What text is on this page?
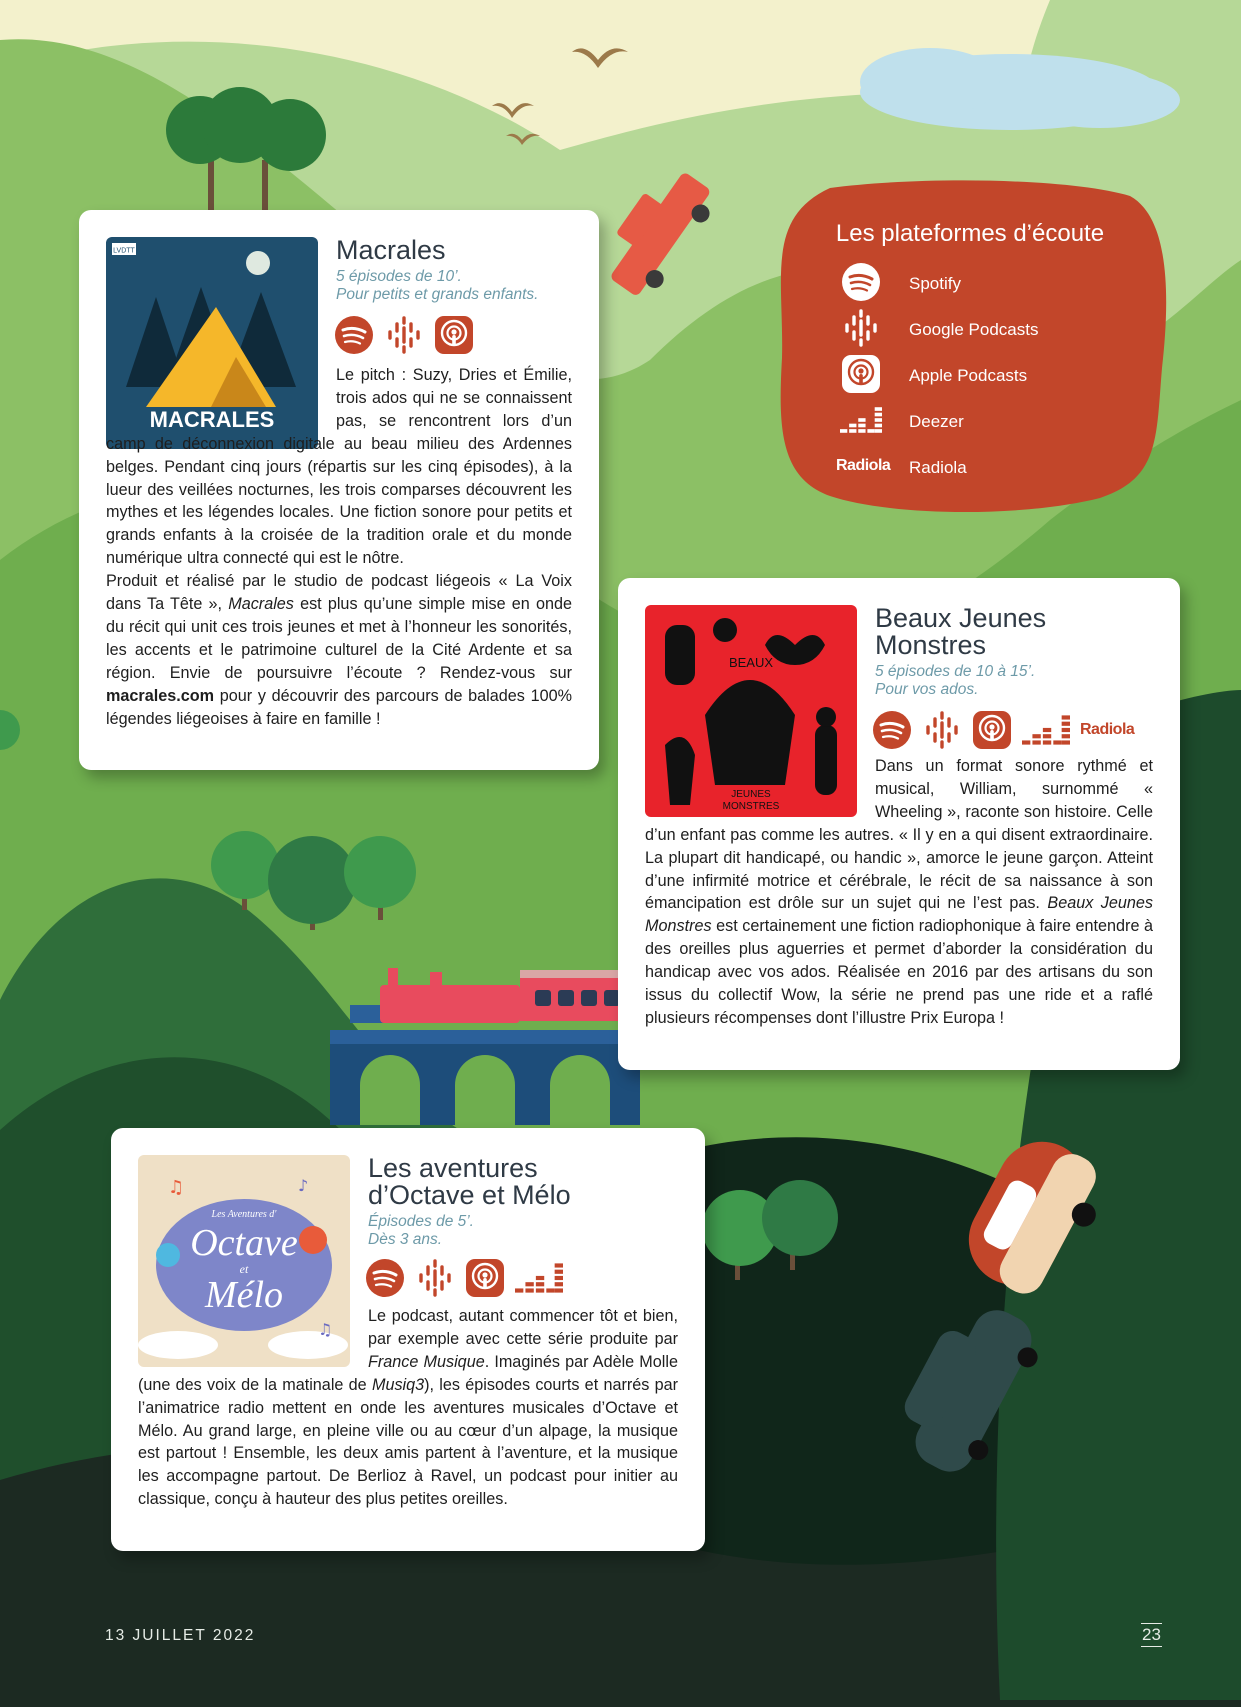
LVDTT
MACRALES
Macrales
5 épisodes de 10’.
Pour petits et grands enfants.

Le pitch : Suzy, Dries et Émilie, trois ados qui ne se connaissent pas, se rencontrent lors d’un camp de déconnexion digitale au beau milieu des Ardennes belges. Pendant cinq jours (répartis sur les cinq épisodes), à la lueur des veillées nocturnes, les trois comparses découvrent les mythes et les légendes locales. Une fiction sonore pour petits et grands enfants à la croisée de la tradition orale et du monde numérique ultra connecté qui est le nôtre.

Produit et réalisé par le studio de podcast liégeois « La Voix dans Ta Tête », Macrales est plus qu’une simple mise en onde du récit qui unit ces trois jeunes et met à l’honneur les sonorités, les accents et le patrimoine culturel de la Cité Ardente et sa région. Envie de poursuivre l’écoute ? Rendez-vous sur macrales.com pour y découvrir des parcours de balades 100% légendes liégeoises à faire en famille !

Les plateformes d’écoute
Spotify
Google Podcasts
Apple Podcasts
Deezer
Radiola Radiola
BEAUX
JEUNES
MONSTRES
Beaux Jeunes
Monstres
5 épisodes de 10 à 15’.
Pour vos ados.
Radiola

Dans un format sonore rythmé et musical, William, surnommé « Wheeling », raconte son histoire. Celle d’un enfant pas comme les autres. « Il y en a qui disent extraordinaire. La plupart dit handicapé, ou handic », amorce le jeune garçon. Atteint d’une infirmité motrice et cérébrale, le récit de sa naissance à son émancipation est drôle sur un sujet qui ne l’est pas. Beaux Jeunes Monstres est certainement une fiction radiophonique à faire entendre à des oreilles plus aguerries et permet d’aborder la considération du handicap avec vos ados. Réalisée en 2016 par des artisans du son issus du collectif Wow, la série ne prend pas une ride et a raflé plusieurs récompenses dont l’illustre Prix Europa !

Les Aventures d'
Octave
et
Mélo
♫	♪
♫
Les aventures
d’Octave et Mélo
Épisodes de 5’.
Dès 3 ans.

Le podcast, autant commencer tôt et bien, par exemple avec cette série produite par France Musique. Imaginés par Adèle Molle (une des voix de la matinale de Musiq3), les épisodes courts et narrés par l’animatrice radio mettent en onde les aventures musicales d’Octave et Mélo. Au grand large, en pleine ville ou au cœur d’un alpage, la musique est partout ! Ensemble, les deux amis partent à l’aventure, et la musique les accompagne partout. De Berlioz à Ravel, un podcast pour initier au classique, conçu à hauteur des plus petites oreilles.

13 JUILLET 2022	23
